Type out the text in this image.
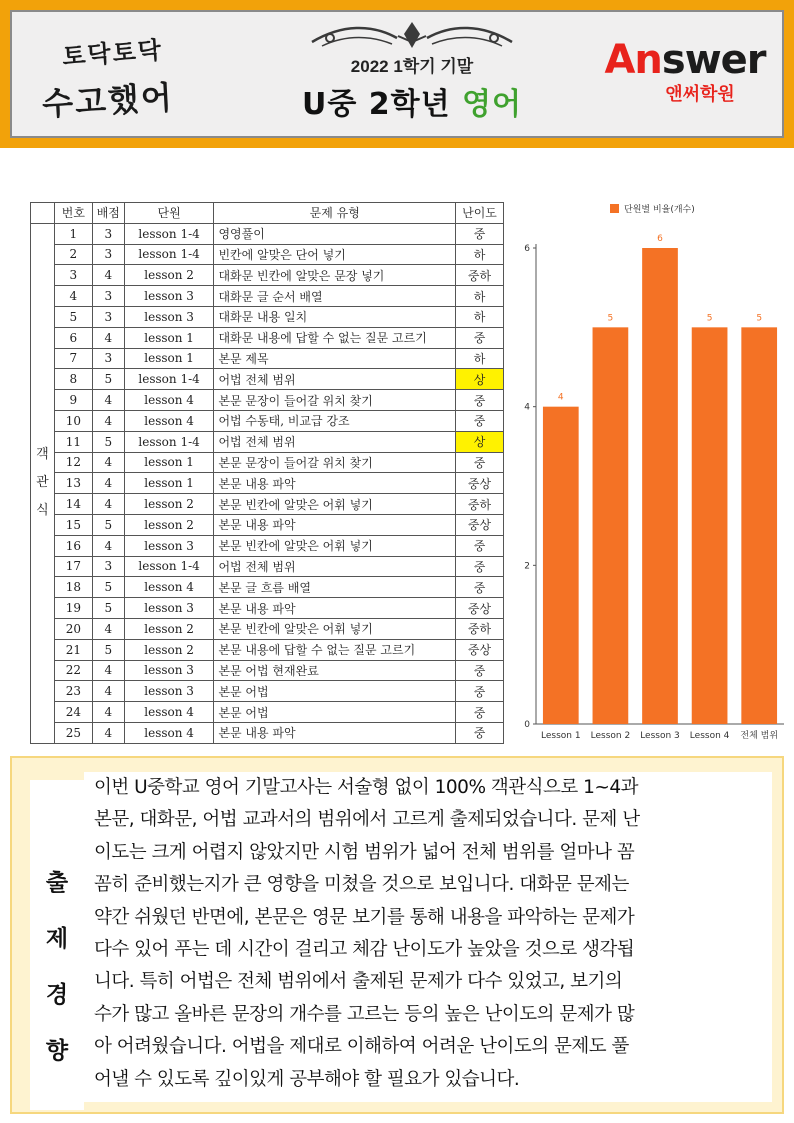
토닥토닥
수고했어
2022 1학기 기말
U중 2학년 영어
Answer
앤써학원
	번호	배점	단원	문제 유형	난이도

객
관
식	1	3	lesson 1-4	영영풀이	중
	2	3	lesson 1-4	빈칸에 알맞은 단어 넣기	하
	3	4	lesson 2	대화문 빈칸에 알맞은 문장 넣기	중하
	4	3	lesson 3	대화문 글 순서 배열	하
	5	3	lesson 3	대화문 내용 일치	하
	6	4	lesson 1	대화문 내용에 답할 수 없는 질문 고르기	중
	7	3	lesson 1	본문 제목	하
	8	5	lesson 1-4	어법 전체 범위	상
	9	4	lesson 4	본문 문장이 들어갈 위치 찾기	중
	10	4	lesson 4	어법 수동태, 비교급 강조	중
	11	5	lesson 1-4	어법 전체 범위	상
	12	4	lesson 1	본문 문장이 들어갈 위치 찾기	중
	13	4	lesson 1	본문 내용 파악	중상
	14	4	lesson 2	본문 빈칸에 알맞은 어휘 넣기	중하
	15	5	lesson 2	본문 내용 파악	중상
	16	4	lesson 3	본문 빈칸에 알맞은 어휘 넣기	중
	17	3	lesson 1-4	어법 전체 범위	중
	18	5	lesson 4	본문 글 흐름 배열	중
	19	5	lesson 3	본문 내용 파악	중상
	20	4	lesson 2	본문 빈칸에 알맞은 어휘 넣기	중하
	21	5	lesson 2	본문 내용에 답할 수 없는 질문 고르기	중상
	22	4	lesson 3	본문 어법 현재완료	중
	23	4	lesson 3	본문 어법	중
	24	4	lesson 4	본문 어법	중
	25	4	lesson 4	본문 내용 파악	중
단원별 비율(개수)
0
2
4
6
4
Lesson 1
5
Lesson 2
6
Lesson 3
5
Lesson 4
5
전체 범위
출
제
경
향
이번 U중학교 영어 기말고사는 서술형 없이 100% 객관식으로 1~4과
본문, 대화문, 어법 교과서의 범위에서 고르게 출제되었습니다. 문제 난
이도는 크게 어렵지 않았지만 시험 범위가 넓어 전체 범위를 얼마나 꼼
꼼히 준비했는지가 큰 영향을 미쳤을 것으로 보입니다. 대화문 문제는
약간 쉬웠던 반면에, 본문은 영문 보기를 통해 내용을 파악하는 문제가
다수 있어 푸는 데 시간이 걸리고 체감 난이도가 높았을 것으로 생각됩
니다. 특히 어법은 전체 범위에서 출제된 문제가 다수 있었고, 보기의
수가 많고 올바른 문장의 개수를 고르는 등의 높은 난이도의 문제가 많
아 어려웠습니다. 어법을 제대로 이해하여 어려운 난이도의 문제도 풀
어낼 수 있도록 깊이있게 공부해야 할 필요가 있습니다.
